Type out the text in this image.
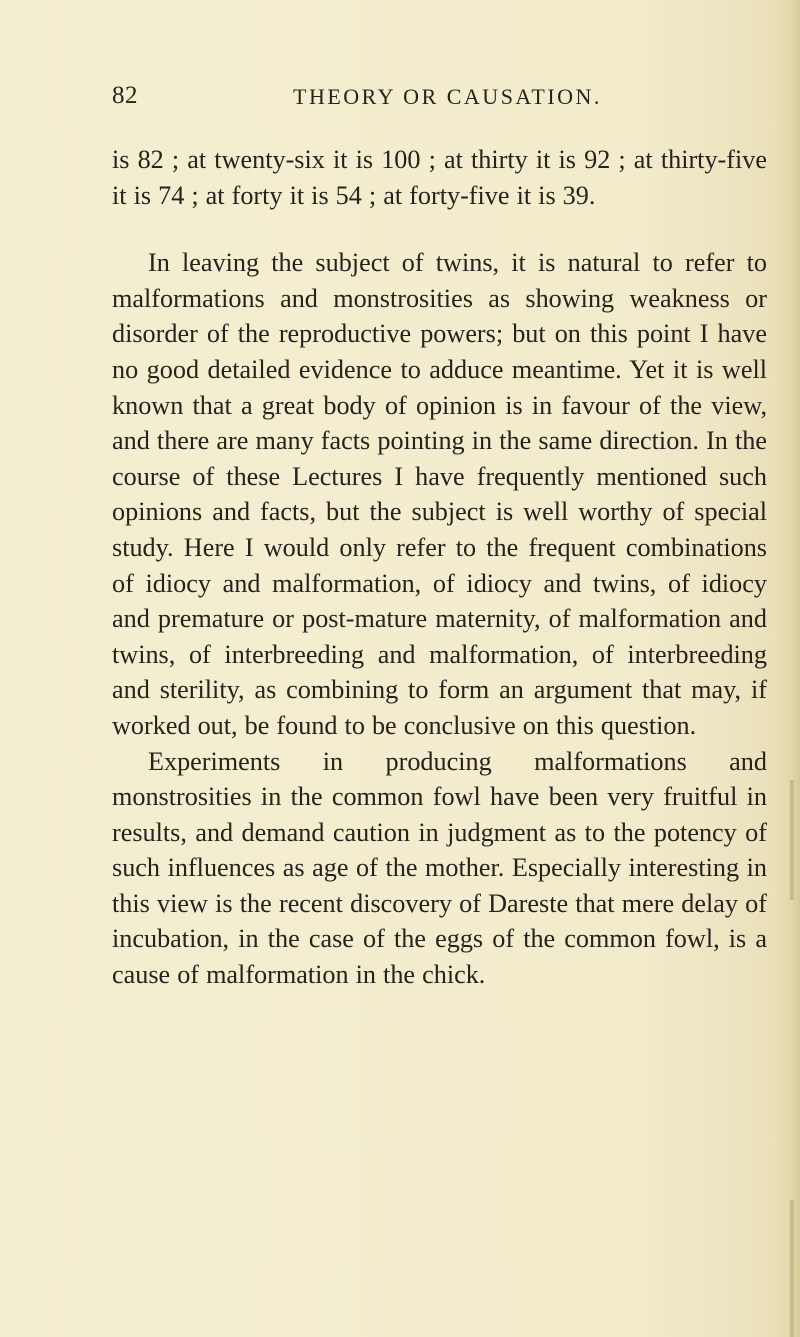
82	THEORY OR CAUSATION.

is 82 ; at twenty-six it is 100 ; at thirty it is 92 ; at thirty-five it is 74 ; at forty it is 54 ; at forty-five it is 39.

In leaving the subject of twins, it is natural to refer to malformations and monstrosities as showing weakness or disorder of the reproductive powers; but on this point I have no good detailed evidence to adduce meantime. Yet it is well known that a great body of opinion is in favour of the view, and there are many facts pointing in the same direction. In the course of these Lectures I have frequently mentioned such opinions and facts, but the subject is well worthy of special study. Here I would only refer to the frequent combinations of idiocy and malformation, of idiocy and twins, of idiocy and premature or post-mature maternity, of malformation and twins, of interbreeding and malformation, of interbreeding and sterility, as combining to form an argument that may, if worked out, be found to be conclusive on this question.

Experiments in producing malformations and monstrosities in the common fowl have been very fruitful in results, and demand caution in judgment as to the potency of such influences as age of the mother. Especially interesting in this view is the recent discovery of Dareste that mere delay of incubation, in the case of the eggs of the common fowl, is a cause of malformation in the chick.
